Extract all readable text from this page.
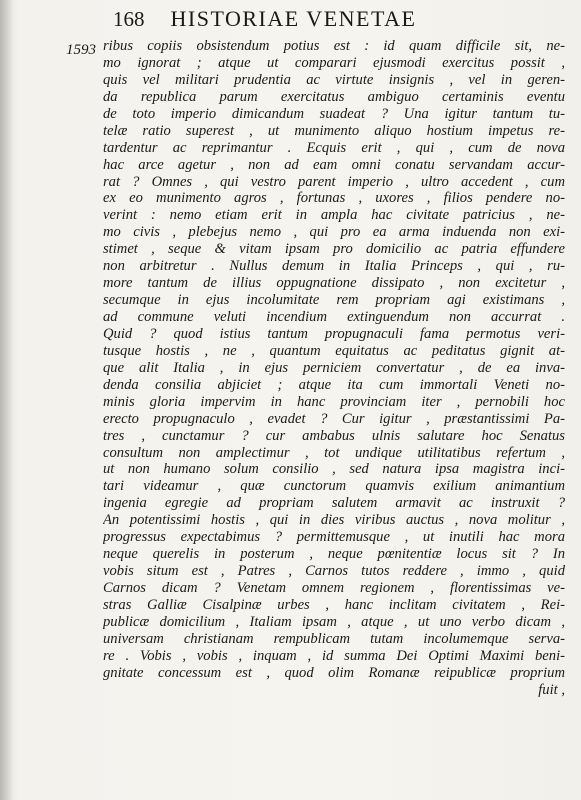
168 HISTORIAE VENETAE
1593 ribus copiis obsistendum potius est : id quam difficile sit, ne-
mo ignorat ; atque ut comparari ejusmodi exercitus possit ,
quis vel militari prudentia ac virtute insignis , vel in geren-
da republica parum exercitatus ambiguo certaminis eventu
de toto imperio dimicandum suadeat ? Una igitur tantum tu-
telæ ratio superest , ut munimento aliquo hostium impetus re-
tardentur ac reprimantur . Ecquis erit , qui , cum de nova
hac arce agetur , non ad eam omni conatu servandam accur-
rat ? Omnes , qui vestro parent imperio , ultro accedent , cum
ex eo munimento agros , fortunas , uxores , filios pendere no-
verint : nemo etiam erit in ampla hac civitate patricius , ne-
mo civis , plebejus nemo , qui pro ea arma induenda non exi-
stimet , seque & vitam ipsam pro domicilio ac patria effundere
non arbitretur . Nullus demum in Italia Princeps , qui , ru-
more tantum de illius oppugnatione dissipato , non excitetur ,
secumque in ejus incolumitate rem propriam agi existimans ,
ad commune veluti incendium extinguendum non accurrat .
Quid ? quod istius tantum propugnaculi fama permotus veri-
tusque hostis , ne , quantum equitatus ac peditatus gignit at-
que alit Italia , in ejus perniciem convertatur , de ea inva-
denda consilia abjiciet ; atque ita cum immortali Veneti no-
minis gloria impervim in hanc provinciam iter , pernobili hoc
erecto propugnaculo , evadet ? Cur igitur , præstantissimi Pa-
tres , cunctamur ? cur ambabus ulnis salutare hoc Senatus
consultum non amplectimur , tot undique utilitatibus refertum ,
ut non humano solum consilio , sed natura ipsa magistra inci-
tari videamur , quæ cunctorum quamvis exilium animantium
ingenia egregie ad propriam salutem armavit ac instruxit ?
An potentissimi hostis , qui in dies viribus auctus , nova molitur ,
progressus expectabimus ? permittemusque , ut inutili hac mora
neque querelis in posterum , neque pœnitentiæ locus sit ? In
vobis situm est , Patres , Carnos tutos reddere , immo , quid
Carnos dicam ? Venetam omnem regionem , florentissimas ve-
stras Galliæ Cisalpinæ urbes , hanc inclitam civitatem , Rei-
publicæ domicilium , Italiam ipsam , atque , ut uno verbo dicam ,
universam christianam rempublicam tutam incolumemque serva-
re . Vobis , vobis , inquam , id summa Dei Optimi Maximi beni-
gnitate concessum est , quod olim Romanæ reipublicæ proprium
fuit ,
